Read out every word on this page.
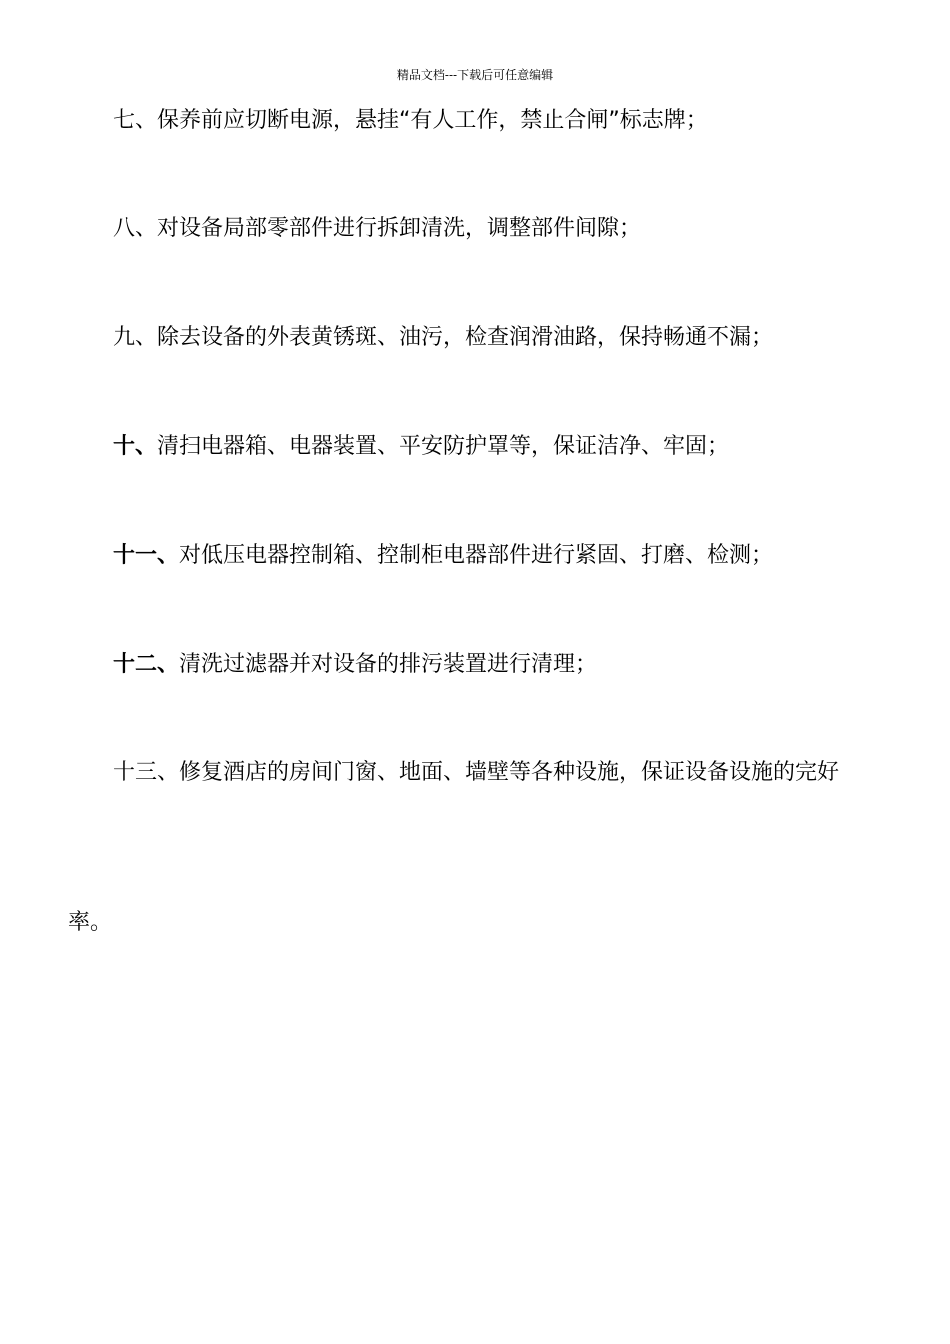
精品文档---下载后可任意编辑
七、保养前应切断电源，悬挂“有人工作，禁止合闸”标志牌；
八、对设备局部零部件进行拆卸清洗，调整部件间隙；
九、除去设备的外表黄锈斑、油污，检查润滑油路，保持畅通不漏；
十、清扫电器箱、电器装置、平安防护罩等，保证洁净、牢固；
十一、对低压电器控制箱、控制柜电器部件进行紧固、打磨、检测；
十二、清洗过滤器并对设备的排污装置进行清理；
十三、修复酒店的房间门窗、地面、墙壁等各种设施，保证设备设施的完好
率。
